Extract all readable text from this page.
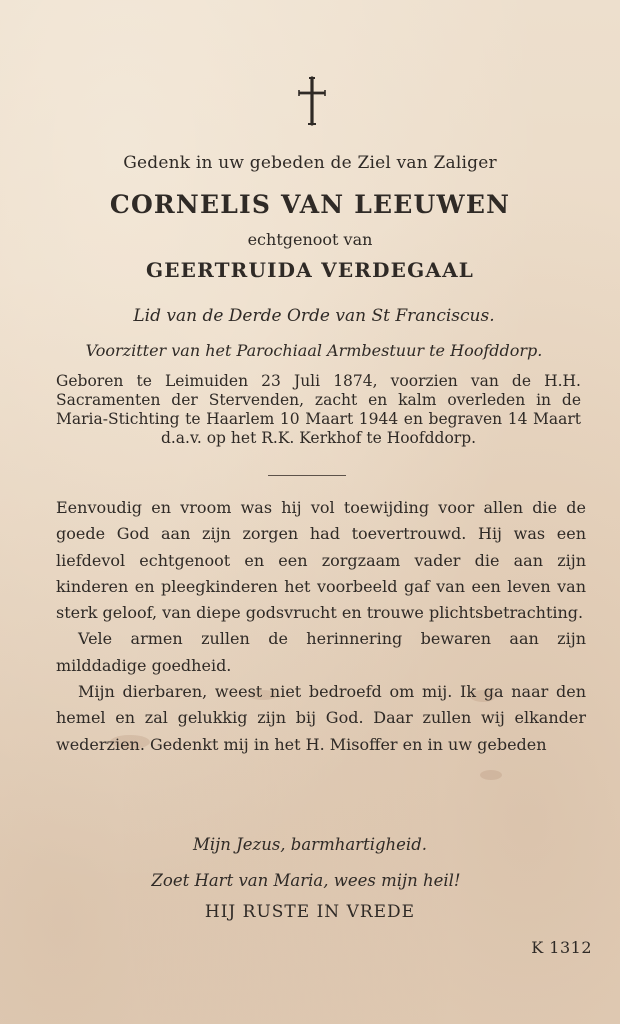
Gedenk in uw gebeden de Ziel van Zaliger
CORNELIS VAN LEEUWEN
echtgenoot van
GEERTRUIDA VERDEGAAL
Lid van de Derde Orde van St Franciscus.
Voorzitter van het Parochiaal Armbestuur te Hoofddorp.
Geboren te Leimuiden 23 Juli 1874, voorzien van de H.H. Sacramenten der Stervenden, zacht en kalm overleden in de Maria-Stichting te Haarlem 10 Maart 1944 en begraven 14 Maart d.a.v. op het R.K. Kerkhof te Hoofddorp.

Eenvoudig en vroom was hij vol toewijding voor allen die de goede God aan zijn zorgen had toevertrouwd. Hij was een liefdevol echtgenoot en een zorgzaam vader die aan zijn kinderen en pleegkinderen het voorbeeld gaf van een leven van sterk geloof, van diepe godsvrucht en trouwe plichtsbetrachting.

Vele armen zullen de herinnering bewaren aan zijn milddadige goedheid.

Mijn dierbaren, weest niet bedroefd om mij. Ik ga naar den hemel en zal gelukkig zijn bij God. Daar zullen wij elkander wederzien. Gedenkt mij in het H. Misoffer en in uw gebeden

Mijn Jezus, barmhartigheid.
Zoet Hart van Maria, wees mijn heil!
HIJ RUSTE IN VREDE
K 1312
